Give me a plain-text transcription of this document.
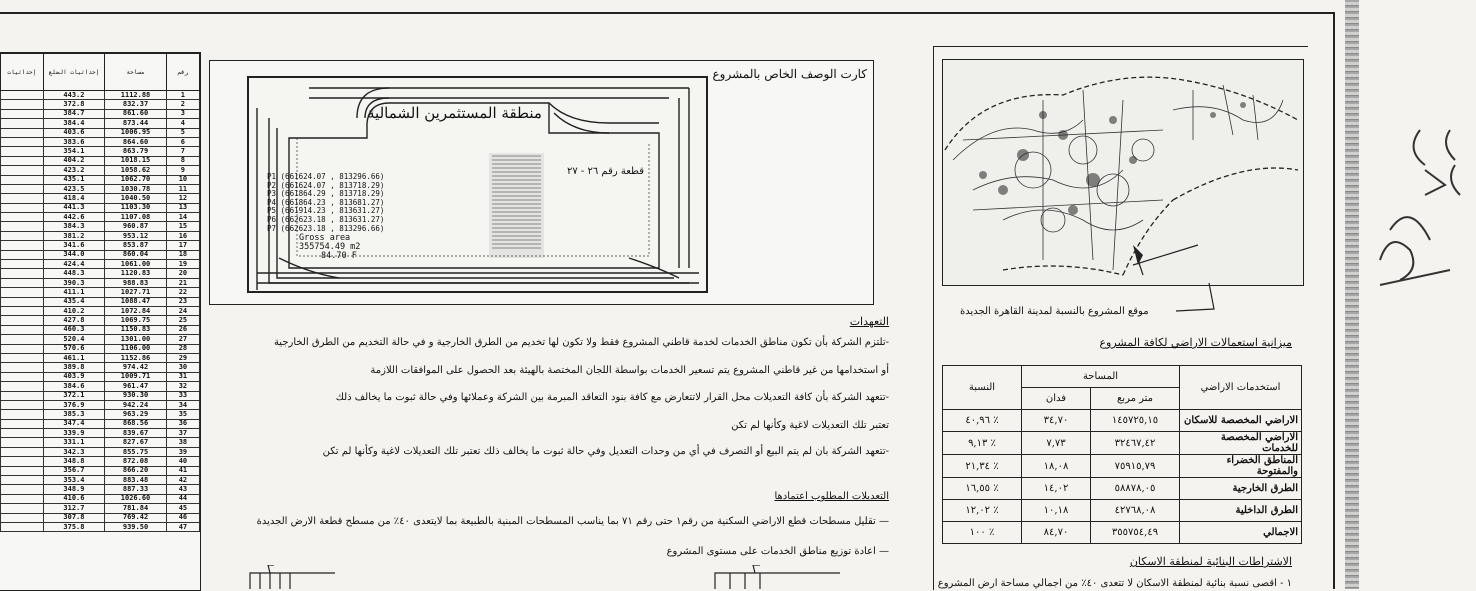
إحداثيات	إحداثيات الضلع	مساحة	رقم
	443.2	1112.88	1
	372.8	832.37	2
	384.7	861.60	3
	384.4	873.44	4
	403.6	1006.95	5
	383.6	864.60	6
	354.1	863.79	7
	404.2	1018.15	8
	423.2	1058.62	9
	435.1	1062.70	10
	423.5	1030.78	11
	418.4	1040.50	12
	441.3	1103.30	13
	442.6	1107.08	14
	384.3	960.87	15
	381.2	953.12	16
	341.6	853.87	17
	344.0	860.04	18
	424.4	1061.00	19
	448.3	1120.83	20
	390.3	988.83	21
	411.1	1027.71	22
	435.4	1088.47	23
	410.2	1072.84	24
	427.8	1069.75	25
	460.3	1150.83	26
	520.4	1301.00	27
	570.6	1106.00	28
	461.1	1152.86	29
	389.8	974.42	30
	403.9	1009.71	31
	384.6	961.47	32
	372.1	930.30	33
	376.9	942.24	34
	385.3	963.29	35
	347.4	868.56	36
	339.9	839.67	37
	331.1	827.67	38
	342.3	855.75	39
	348.8	872.08	40
	356.7	866.20	41
	353.4	883.48	42
	348.9	887.33	43
	410.6	1026.60	44
	312.7	781.84	45
	307.8	769.42	46
	375.8	939.50	47
كارت الوصف الخاص بالمشروع
منطقة المستثمرين الشمالية
قطعة رقم ٢٦ - ٢٧
P1 (661624.07 , 813296.66)
P2 (661624.07 , 813718.29)
P3 (661864.29 , 813718.29)
P4 (661864.23 , 813681.27)
P5 (661914.23 , 813631.27)
P6 (662623.18 , 813631.27)
P7 (662623.18 , 813296.66)
Gross area
355754.49 m2
84.70 F
التعهدات
-تلتزم الشركة بأن تكون مناطق الخدمات لخدمة قاطني المشروع فقط ولا تكون لها تخديم من الطرق الخارجية و في حالة التخديم من الطرق الخارجية
أو استخدامها من غير قاطني المشروع يتم تسعير الخدمات بواسطة اللجان المختصة بالهيئة بعد الحصول على الموافقات اللازمة
-تتعهد الشركة بأن كافة التعديلات محل القرار لاتتعارض مع كافة بنود التعاقد المبرمة بين الشركة وعملائها وفي حالة ثبوت ما يخالف ذلك
تعتبر تلك التعديلات لاغية وكأنها لم تكن
-تتعهد الشركة بان لم يتم البيع أو التصرف في أي من وحدات التعديل وفي حالة ثبوت ما يخالف ذلك تعتبر تلك التعديلات لاغية وكأنها لم تكن
التعديلات المطلوب اعتمادها
— تقليل مسطحات قطع الاراضي السكنية من رقم١ حتى رقم ٧١ بما يناسب المسطحات المبنية بالطبيعة بما لايتعدى ٤٠٪ من مسطح قطعة الارض الجديدة
— اعادة توزيع مناطق الخدمات على مستوى المشروع
موقع المشروع بالنسبة لمدينة القاهرة الجديدة
ميزانية استعمالات الاراضي لكافة المشروع
استخدمات الاراضي	المساحة		النسبة
	متر مربع	فدان	
الاراضي المخصصة للاسكان	١٤٥٧٢٥,١٥	٣٤,٧٠	٪ ٤٠,٩٦
الاراضي المخصصة للخدمات	٣٢٤٦٧,٤٢	٧,٧٣	٪ ٩,١٣
المناطق الخضراء والمفتوحة	٧٥٩١٥,٧٩	١٨,٠٨	٪ ٢١,٣٤
الطرق الخارجية	٥٨٨٧٨,٠٥	١٤,٠٢	٪ ١٦,٥٥
الطرق الداخلية	٤٢٧٦٨,٠٨	١٠,١٨	٪ ١٢,٠٢
الاجمالي	٣٥٥٧٥٤,٤٩	٨٤,٧٠	٪ ١٠٠
الاشتراطات البنائية لمنطقة الاسكان
١ - اقصى نسبة بنائية لمنطقة الاسكان لا تتعدى ٤٠٪ من اجمالي مساحة ارض المشروع
